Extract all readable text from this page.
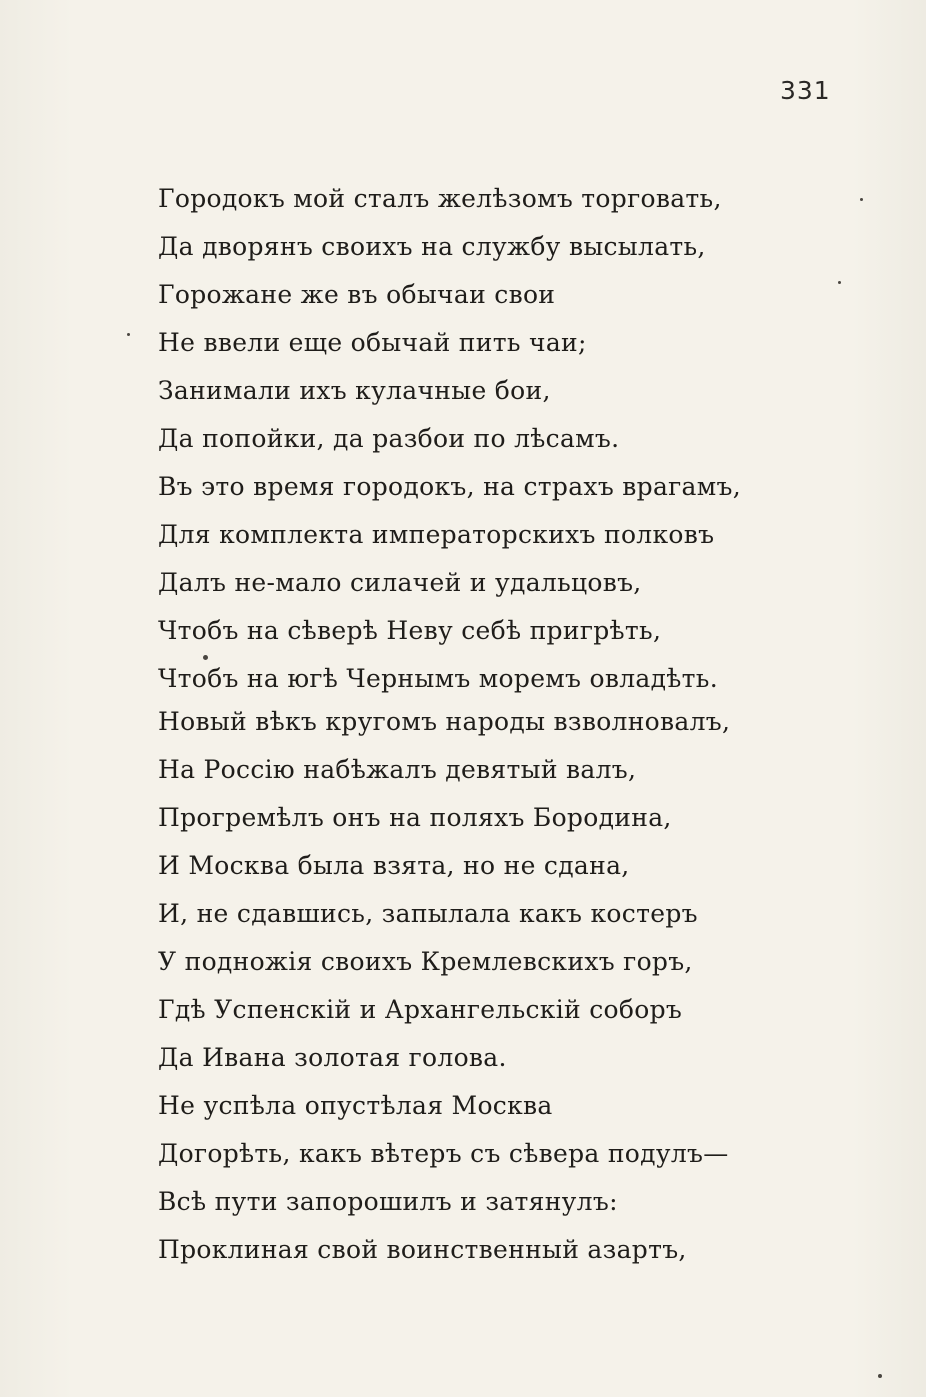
331
Городокъ мой сталъ желѣзомъ торговать,
Да дворянъ своихъ на службу высылать,
Горожане же въ обычаи свои
Не ввели еще обычай пить чаи;
Занимали ихъ кулачные бои,
Да попойки, да разбои по лѣсамъ.
Въ это время городокъ, на страхъ врагамъ,
Для комплекта императорскихъ полковъ
Далъ не-мало силачей и удальцовъ,
Чтобъ на сѣверѣ Неву себѣ пригрѣть,
Чтобъ на югѣ Чернымъ моремъ овладѣть.
Новый вѣкъ кругомъ народы взволновалъ,
На Россію набѣжалъ девятый валъ,
Прогремѣлъ онъ на поляхъ Бородина,
И Москва была взята, но не сдана,
И, не сдавшись, запылала какъ костеръ
У подножія своихъ Кремлевскихъ горъ,
Гдѣ Успенскій и Архангельскій соборъ
Да Ивана золотая голова.
Не успѣла опустѣлая Москва
Догорѣть, какъ вѣтеръ съ сѣвера подулъ—
Всѣ пути запорошилъ и затянулъ:
Проклиная свой воинственный азартъ,
